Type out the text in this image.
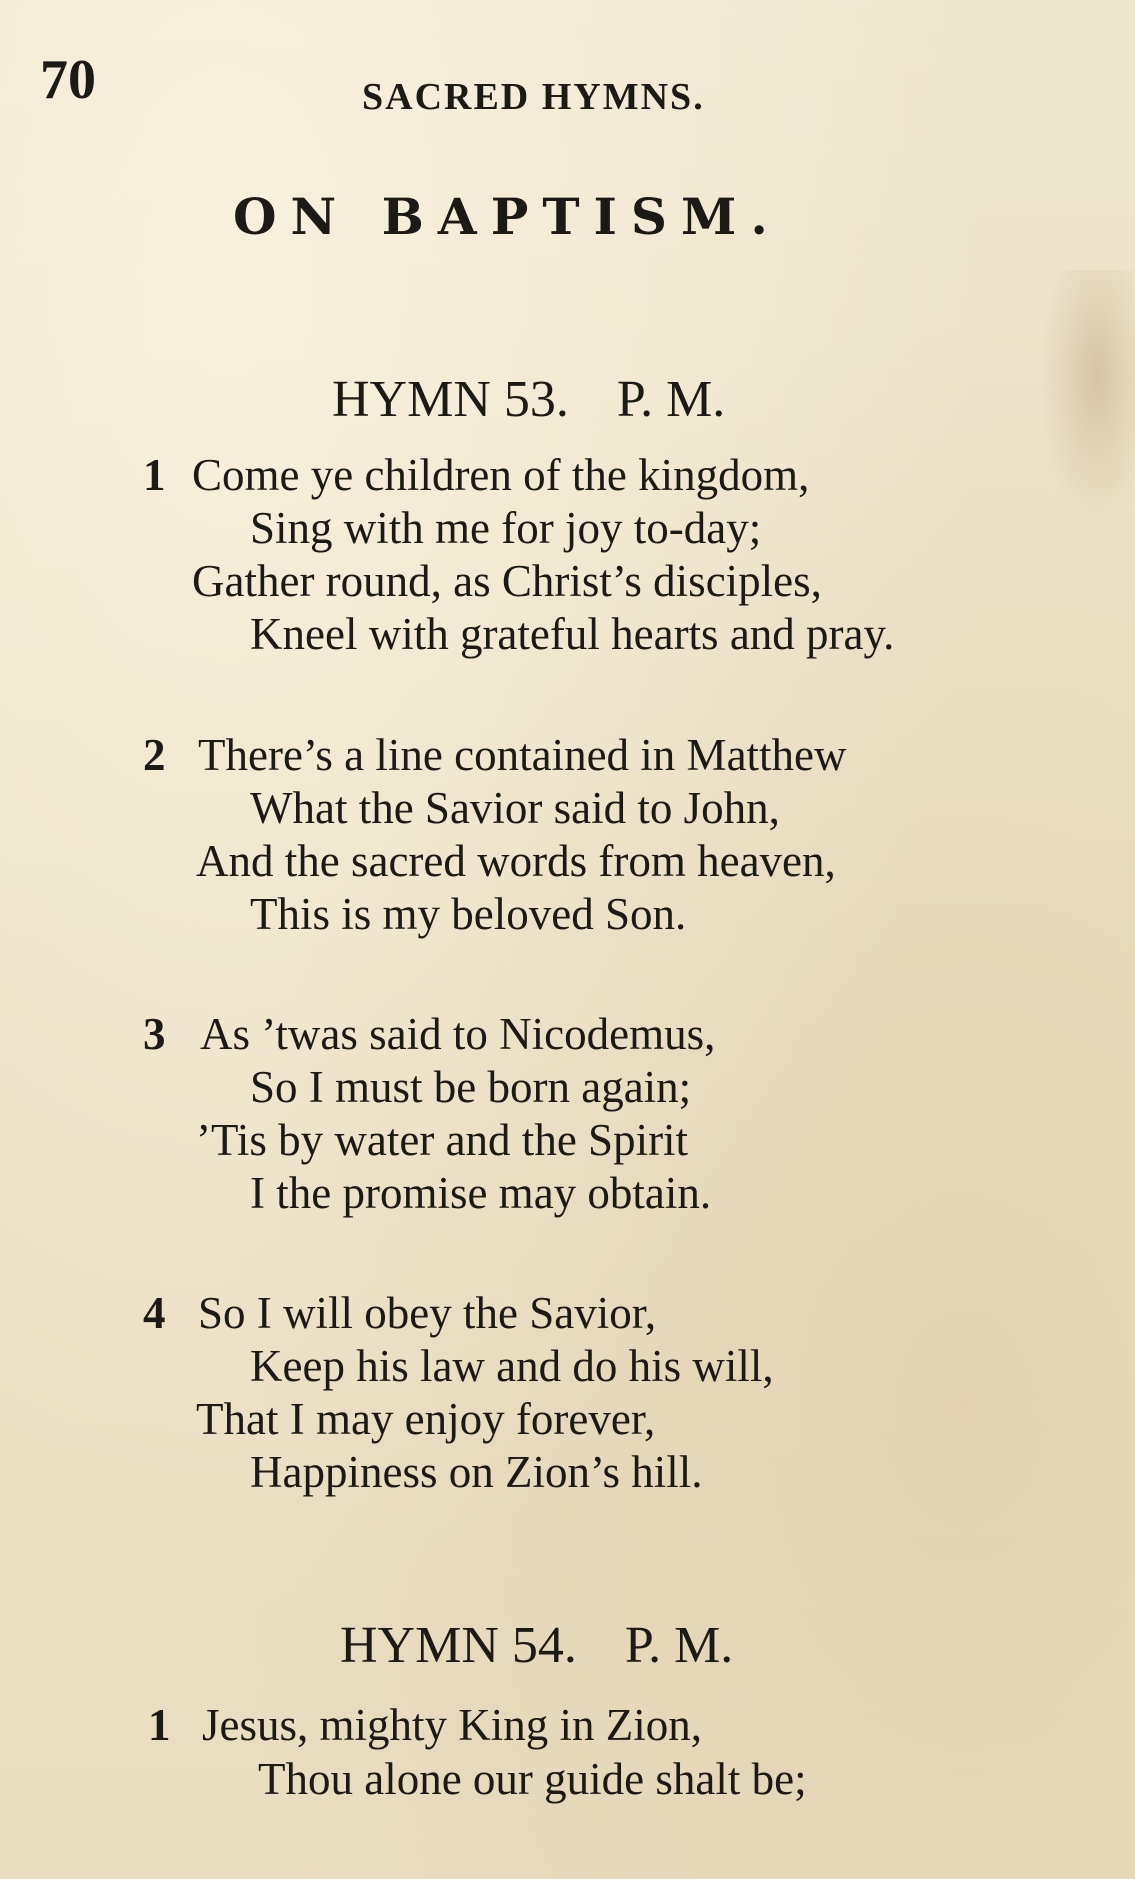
70	SACRED HYMNS.
ON BAPTISM.

HYMN 53. P. M.

1 Come ye children of the kingdom,
Sing with me for joy to-day;
Gather round, as Christ’s disciples,
Kneel with grateful hearts and pray.
2 There’s a line contained in Matthew
What the Savior said to John,
And the sacred words from heaven,
This is my beloved Son.
3 As ’twas said to Nicodemus,
So I must be born again;
’Tis by water and the Spirit
I the promise may obtain.
4 So I will obey the Savior,
Keep his law and do his will,
That I may enjoy forever,
Happiness on Zion’s hill.

HYMN 54. P. M.

1 Jesus, mighty King in Zion,
Thou alone our guide shalt be;
